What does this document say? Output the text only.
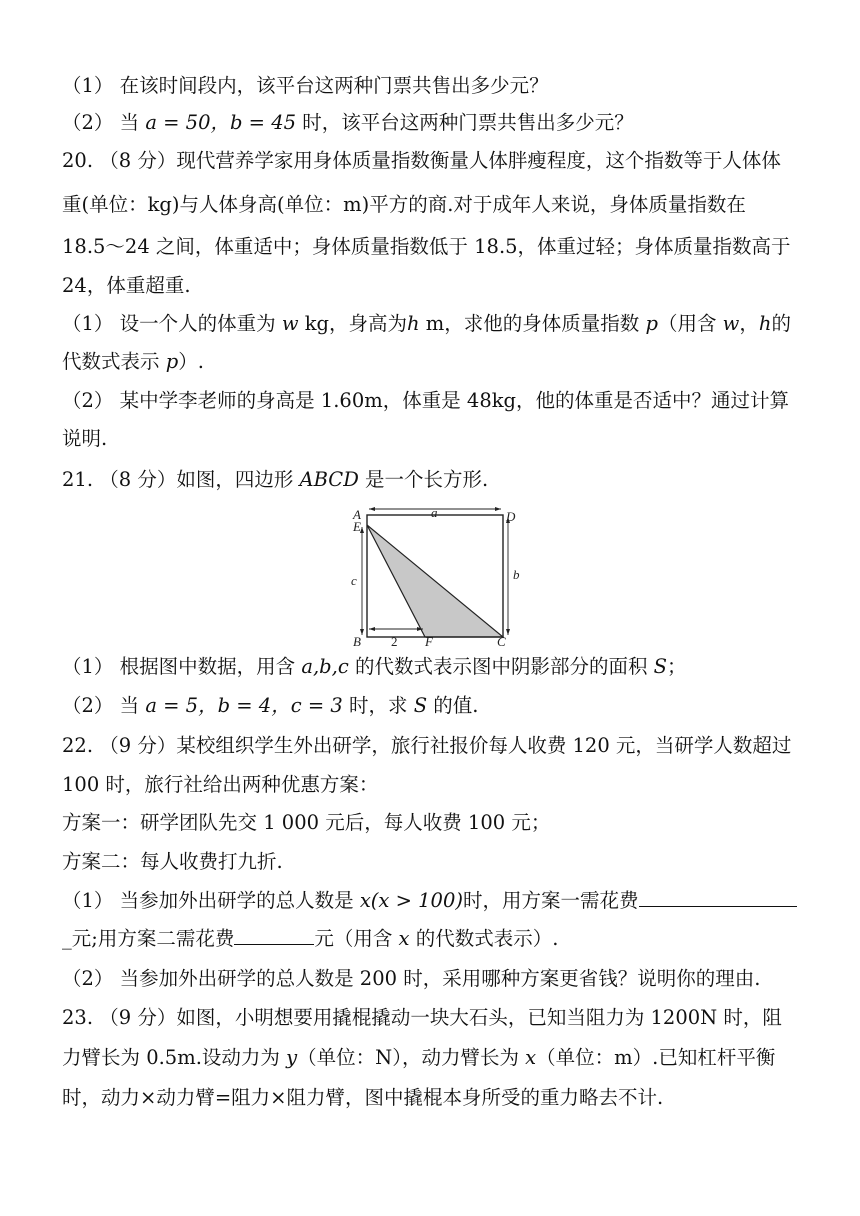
（1） 在该时间段内，该平台这两种门票共售出多少元？
（2） 当 a = 50，b = 45 时，该平台这两种门票共售出多少元？
20. （8 分）现代营养学家用身体质量指数衡量人体胖瘦程度，这个指数等于人体体
重(单位：kg)与人体身高(单位：m)平方的商.对于成年人来说，身体质量指数在
18.5～24 之间，体重适中；身体质量指数低于 18.5，体重过轻；身体质量指数高于
24，体重超重.
（1） 设一个人的体重为 w kg，身高为h m，求他的身体质量指数 p（用含 w，h的
代数式表示 p）.
（2） 某中学李老师的身高是 1.60m，体重是 48kg，他的体重是否适中？通过计算
说明.
21. （8 分）如图，四边形 ABCD 是一个长方形.
A
E
D
B	F	C
a
b
c
2
（1） 根据图中数据，用含 a,b,c 的代数式表示图中阴影部分的面积 S；
（2） 当 a = 5，b = 4，c = 3 时，求 S 的值.
22. （9 分）某校组织学生外出研学，旅行社报价每人收费 120 元，当研学人数超过
100 时，旅行社给出两种优惠方案：
方案一：研学团队先交 1 000 元后，每人收费 100 元；
方案二：每人收费打九折.
（1） 当参加外出研学的总人数是 x(x > 100)时，用方案一需花费
_元;用方案二需花费	元（用含 x 的代数式表示）.
（2） 当参加外出研学的总人数是 200 时，采用哪种方案更省钱？说明你的理由.
23. （9 分）如图，小明想要用撬棍撬动一块大石头，已知当阻力为 1200N 时，阻
力臂长为 0.5m.设动力为 y（单位：N），动力臂长为 x（单位：m）.已知杠杆平衡
时，动力×动力臂=阻力×阻力臂，图中撬棍本身所受的重力略去不计.
